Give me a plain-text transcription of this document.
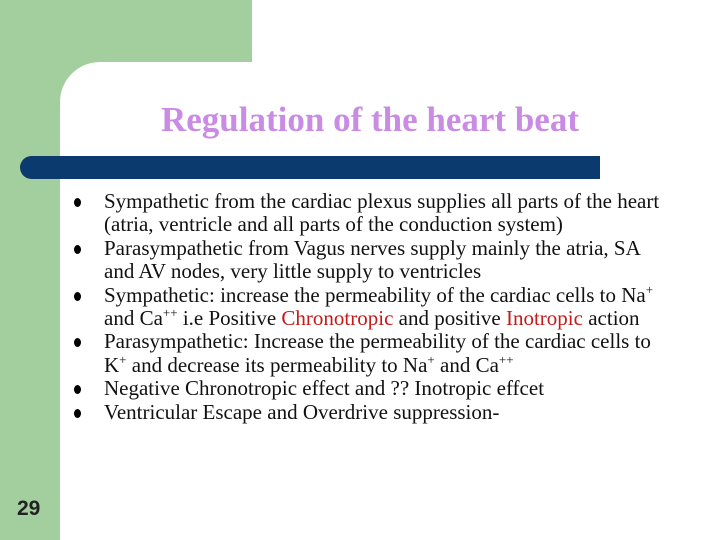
Regulation of the heart beat
Sympathetic from the cardiac plexus supplies all parts of the heart (atria, ventricle and all parts of the conduction system)
Parasympathetic from Vagus nerves supply mainly the atria, SA and AV nodes, very little supply to ventricles
Sympathetic: increase the permeability of the cardiac cells to Na+ and Ca++ i.e Positive Chronotropic and positive Inotropic action
Parasympathetic: Increase the permeability of the cardiac cells to K+ and decrease its permeability to Na+ and Ca++
Negative Chronotropic effect and ?? Inotropic effcet
Ventricular Escape and Overdrive suppression-
29
